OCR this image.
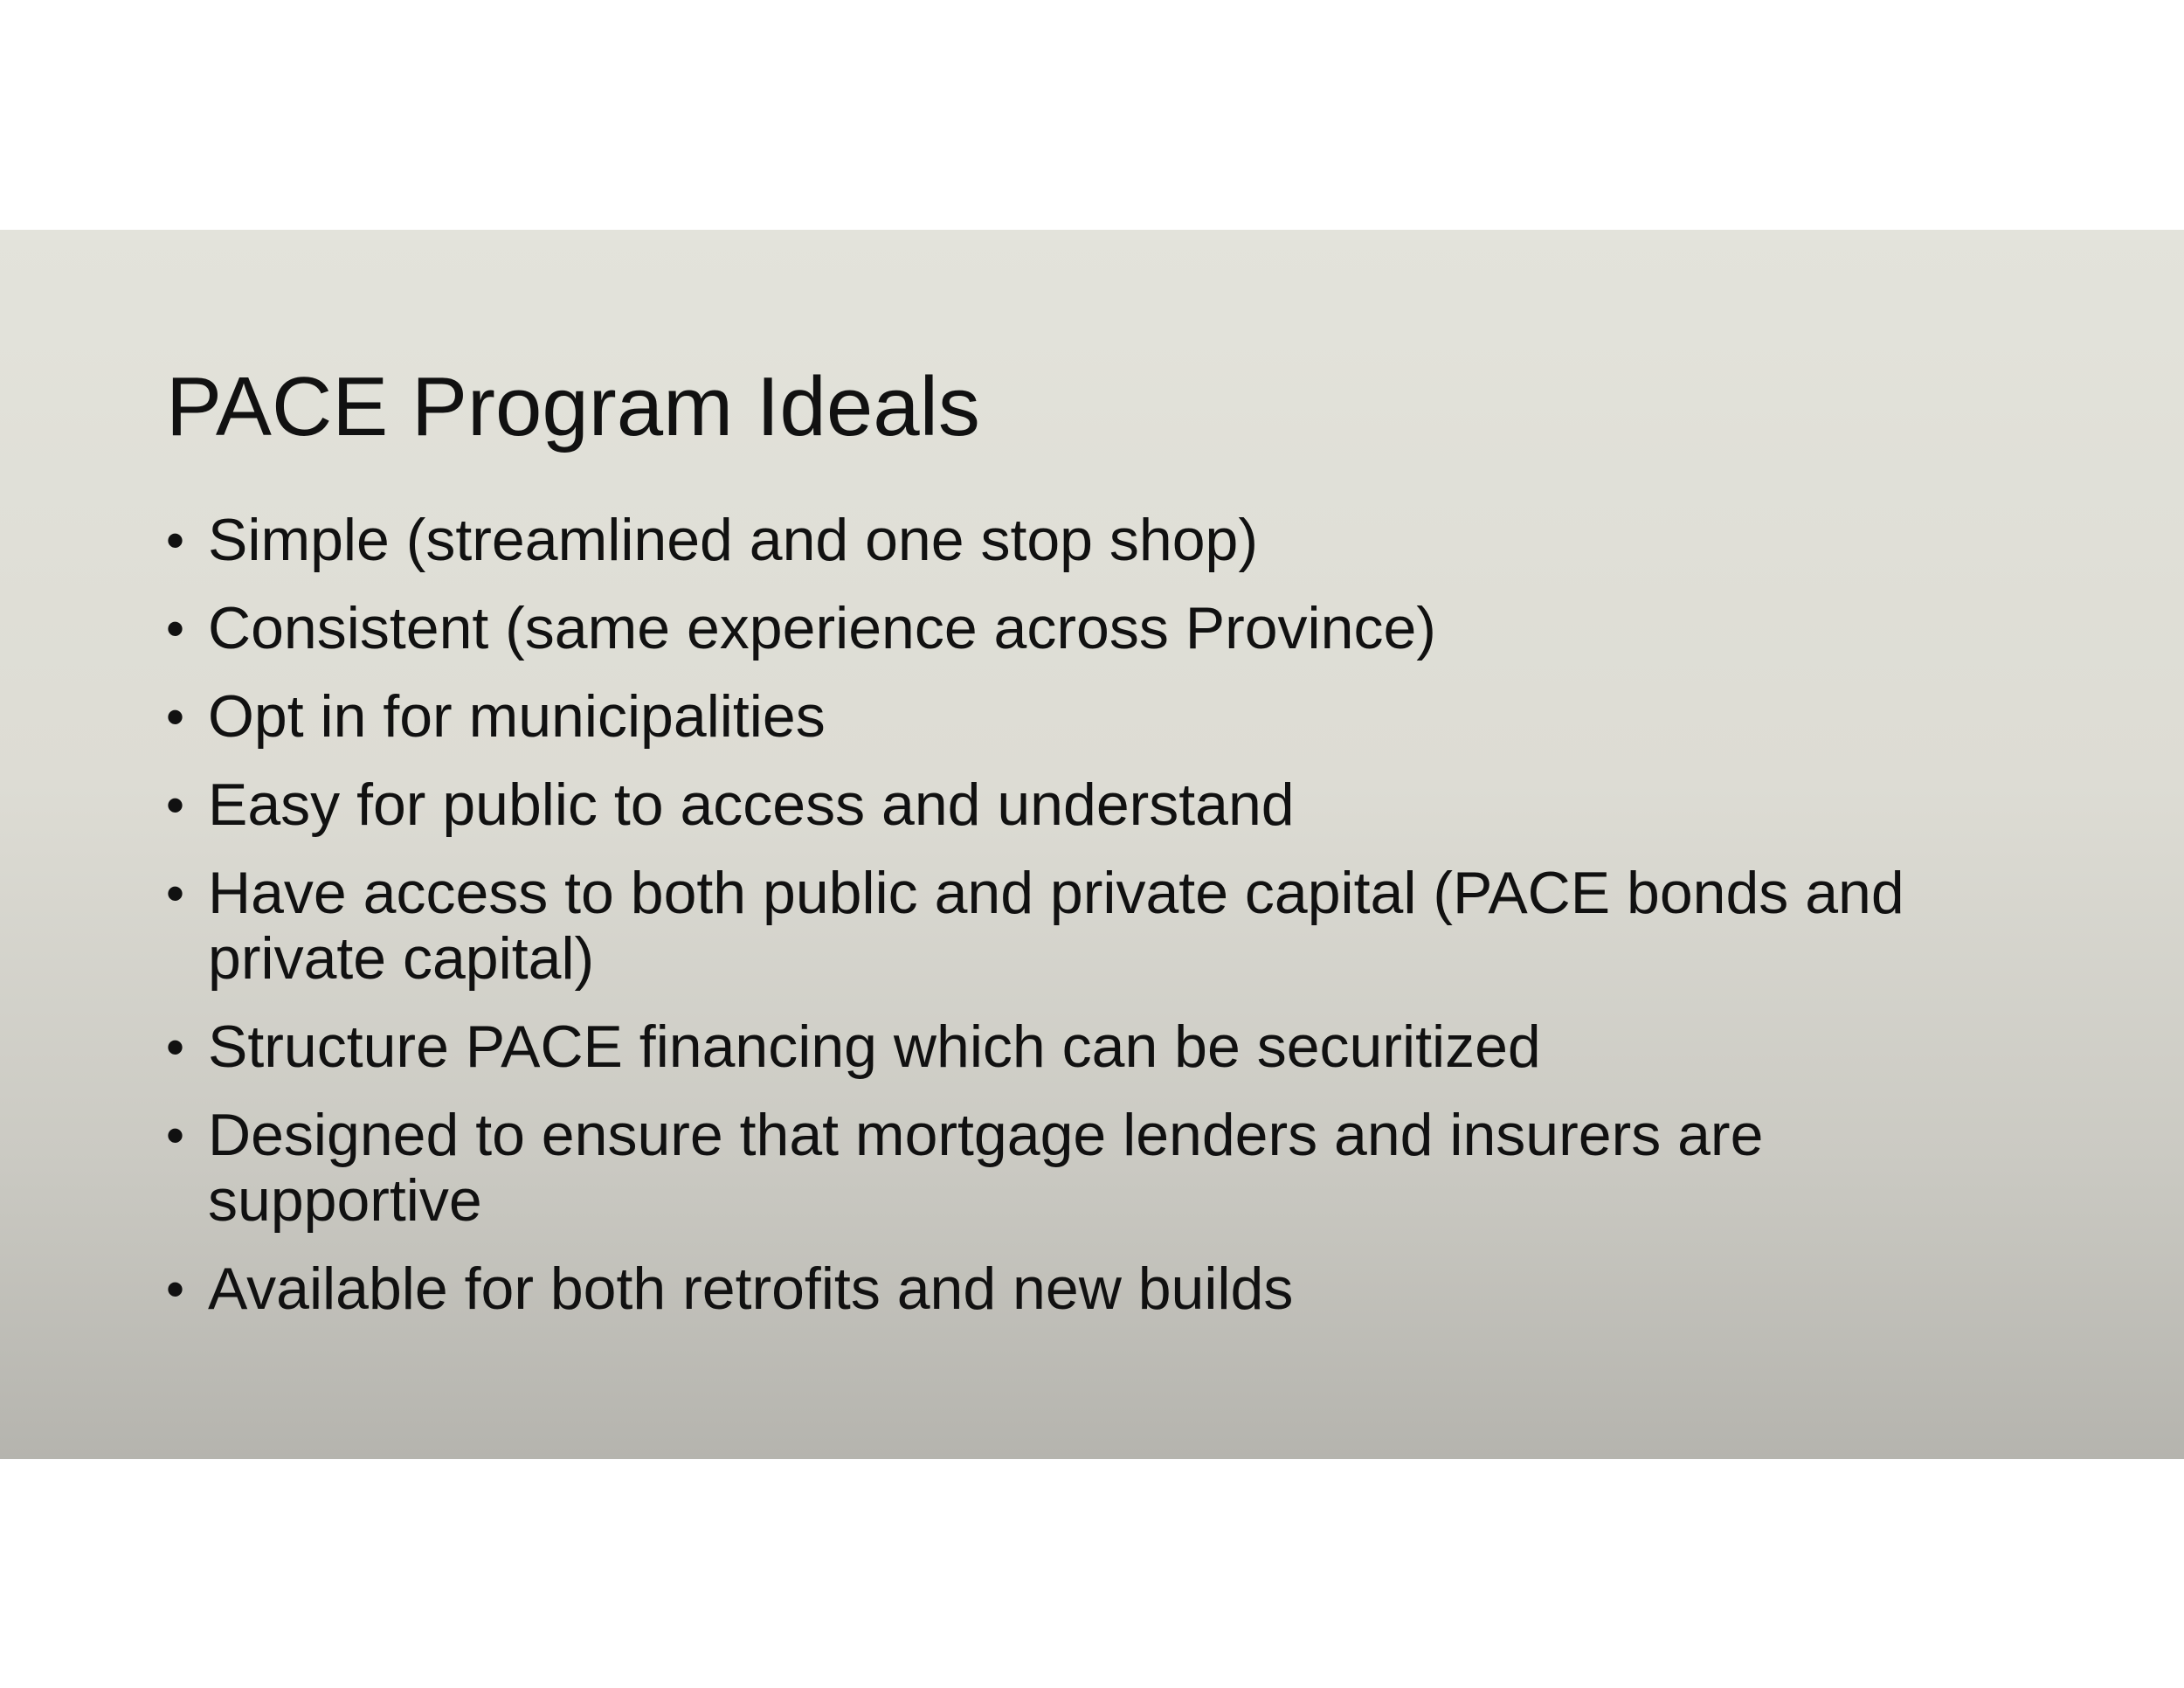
PACE Program Ideals
• Simple (streamlined and one stop shop)
• Consistent (same experience across Province)
• Opt in for municipalities
• Easy for public to access and understand
• Have access to both public and private capital (PACE bonds and private capital)
• Structure PACE financing which can be securitized
• Designed to ensure that mortgage lenders and insurers are supportive
• Available for both retrofits and new builds
